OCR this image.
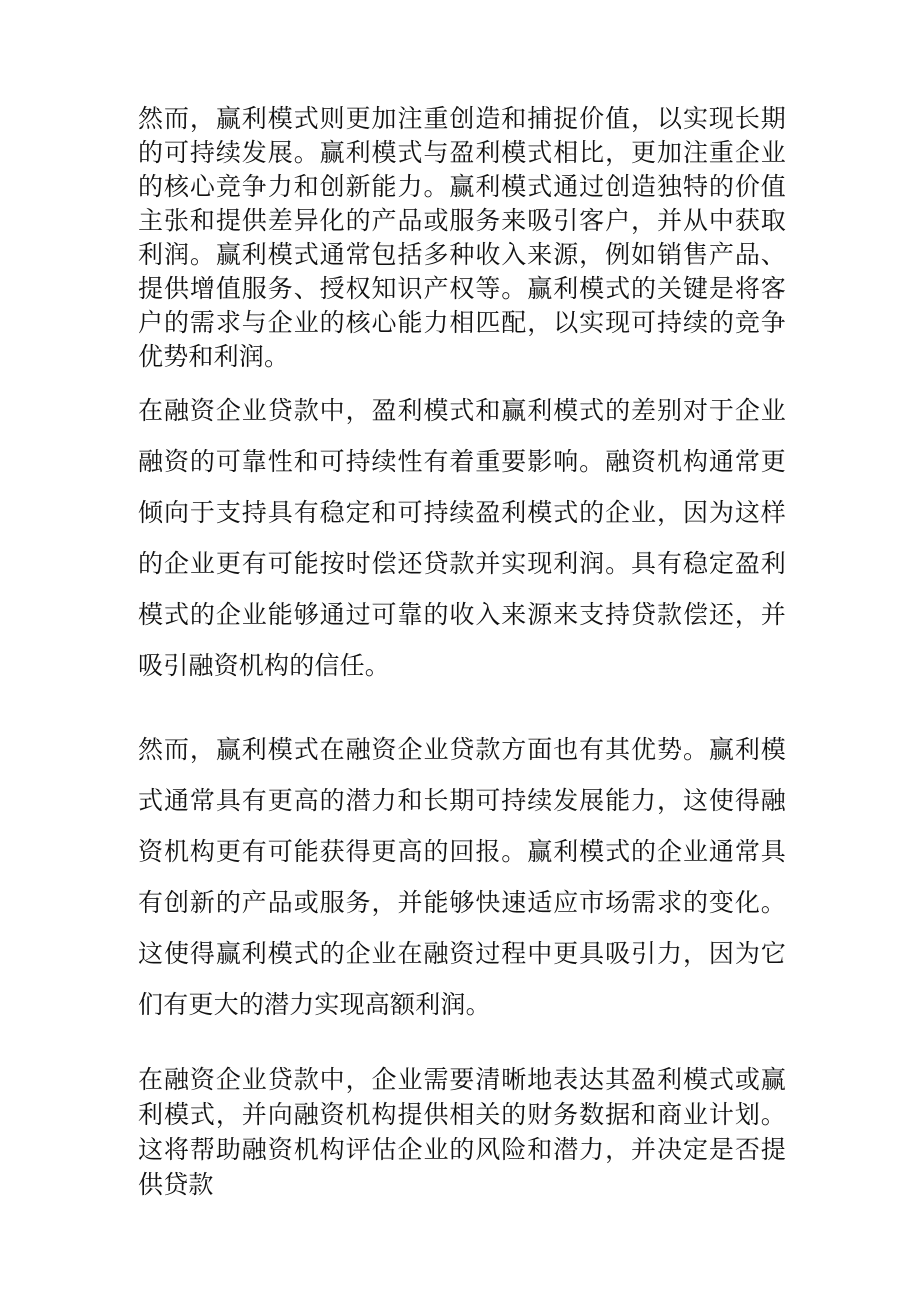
然而，赢利模式则更加注重创造和捕捉价值，以实现长期的可持续发展。赢利模式与盈利模式相比，更加注重企业的核心竞争力和创新能力。赢利模式通过创造独特的价值主张和提供差异化的产品或服务来吸引客户，并从中获取利润。赢利模式通常包括多种收入来源，例如销售产品、提供增值服务、授权知识产权等。赢利模式的关键是将客户的需求与企业的核心能力相匹配，以实现可持续的竞争优势和利润。

在融资企业贷款中，盈利模式和赢利模式的差别对于企业融资的可靠性和可持续性有着重要影响。融资机构通常更倾向于支持具有稳定和可持续盈利模式的企业，因为这样的企业更有可能按时偿还贷款并实现利润。具有稳定盈利模式的企业能够通过可靠的收入来源来支持贷款偿还，并吸引融资机构的信任。

然而，赢利模式在融资企业贷款方面也有其优势。赢利模式通常具有更高的潜力和长期可持续发展能力，这使得融资机构更有可能获得更高的回报。赢利模式的企业通常具有创新的产品或服务，并能够快速适应市场需求的变化。这使得赢利模式的企业在融资过程中更具吸引力，因为它们有更大的潜力实现高额利润。

在融资企业贷款中，企业需要清晰地表达其盈利模式或赢利模式，并向融资机构提供相关的财务数据和商业计划。这将帮助融资机构评估企业的风险和潜力，并决定是否提供贷款
